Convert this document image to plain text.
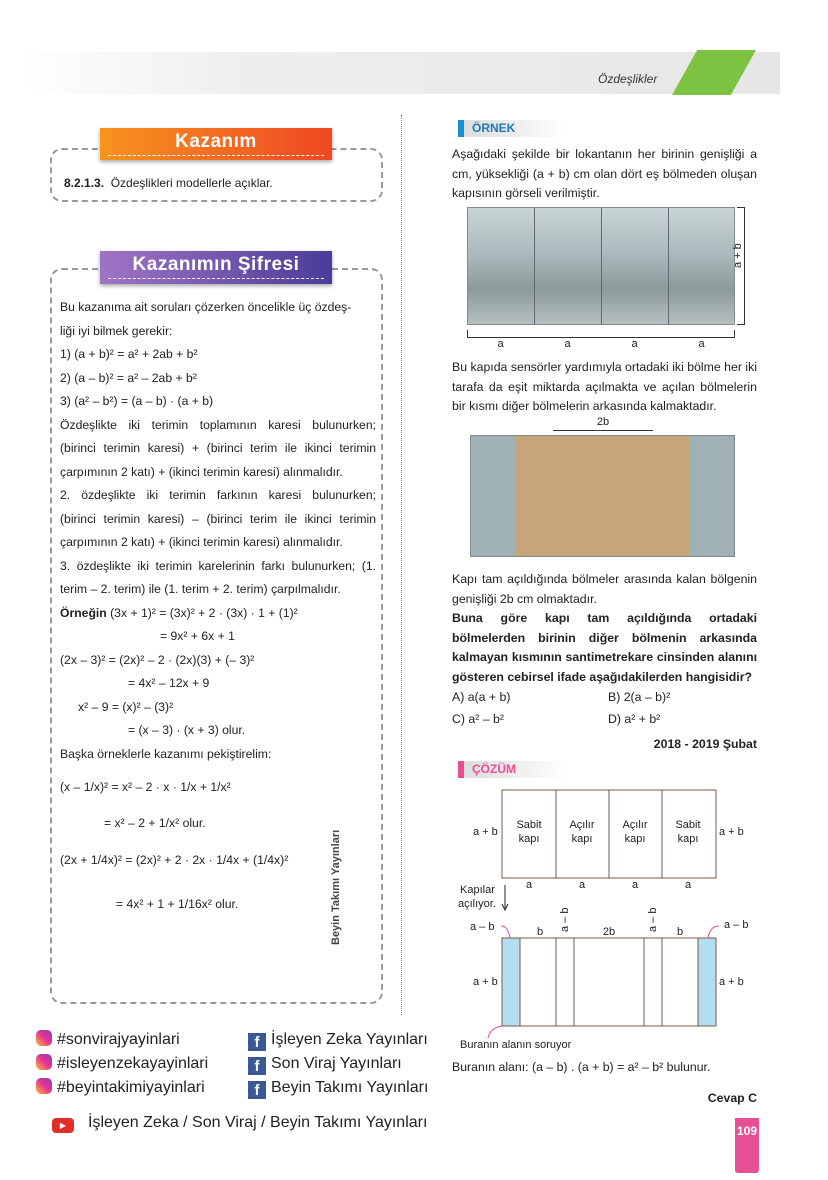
Özdeşlikler
Kazanım
8.2.1.3. Özdeşlikleri modellerle açıklar.
Kazanımın Şifresi

Bu kazanıma ait soruları çözerken öncelikle üç özdeş-

liği iyi bilmek gerekir:

1) (a + b)² = a² + 2ab + b²

2) (a – b)² = a² – 2ab + b²

3) (a² – b²) = (a – b) · (a + b)

Özdeşlikte iki terimin toplamının karesi bulunurken;

(birinci terimin karesi) + (birinci terim ile ikinci terimin

çarpımının 2 katı) + (ikinci terimin karesi) alınmalıdır.

2. özdeşlikte iki terimin farkının karesi bulunurken;

(birinci terimin karesi) – (birinci terim ile ikinci terimin

çarpımının 2 katı) + (ikinci terimin karesi) alınmalıdır.

3. özdeşlikte iki terimin karelerinin farkı bulunurken; (1.

terim – 2. terim) ile (1. terim + 2. terim) çarpılmalıdır.

Örneğin (3x + 1)² = (3x)² + 2 · (3x) · 1 + (1)²

= 9x² + 6x + 1

(2x – 3)² = (2x)² – 2 · (2x)(3) + (– 3)²

= 4x² – 12x + 9

x² – 9 = (x)² – (3)²

= (x – 3) · (x + 3) olur.

Başka örneklerle kazanımı pekiştirelim:

(x – 1/x)² = x² – 2 · x · 1/x + 1/x²

= x² – 2 + 1/x² olur.

(2x + 1/4x)² = (2x)² + 2 · 2x · 1/4x + (1/4x)²

= 4x² + 1 + 1/16x² olur.	Beyin Takımı Yayınları
ÖRNEK
Aşağıdaki şekilde bir lokantanın her birinin genişliği a cm, yüksekliği (a + b) cm olan dört eş bölmeden oluşan kapısının görseli verilmiştir.
a + b
a	a	a	a
Bu kapıda sensörler yardımıyla ortadaki iki bölme her iki tarafa da eşit miktarda açılmakta ve açılan bölmelerin bir kısmı diğer bölmelerin arkasında kalmaktadır.
2b
Kapı tam açıldığında bölmeler arasında kalan bölgenin genişliği 2b cm olmaktadır.
Buna göre kapı tam açıldığında ortadaki bölmelerden birinin diğer bölmenin arkasında kalmayan kısmının santimetrekare cinsinden alanını gösteren cebirsel ifade aşağıdakilerden hangisidir?
A) a(a + b)	B) 2(a – b)²
C) a² – b²	D) a² + b²
2018 - 2019 Şubat
ÇÖZÜM
Sabit
kapı
Açılır
kapı
Açılır
kapı
Sabit
kapı
a + b	a + b
a	a	a	a
Kapılar
açılıyor.
b	2b	b
a – b	a – b
a – b	a – b
a + b	a + b
Buranın alanın soruyor
Buranın alanı: (a – b) . (a + b) = a² – b² bulunur.
Cevap C
#sonvirajyayinlari
#isleyenzekayayinlari
#beyintakimiyayinlari
f İşleyen Zeka Yayınları
f Son Viraj Yayınları
f Beyin Takımı Yayınları
▶ İşleyen Zeka / Son Viraj / Beyin Takımı Yayınları	109
